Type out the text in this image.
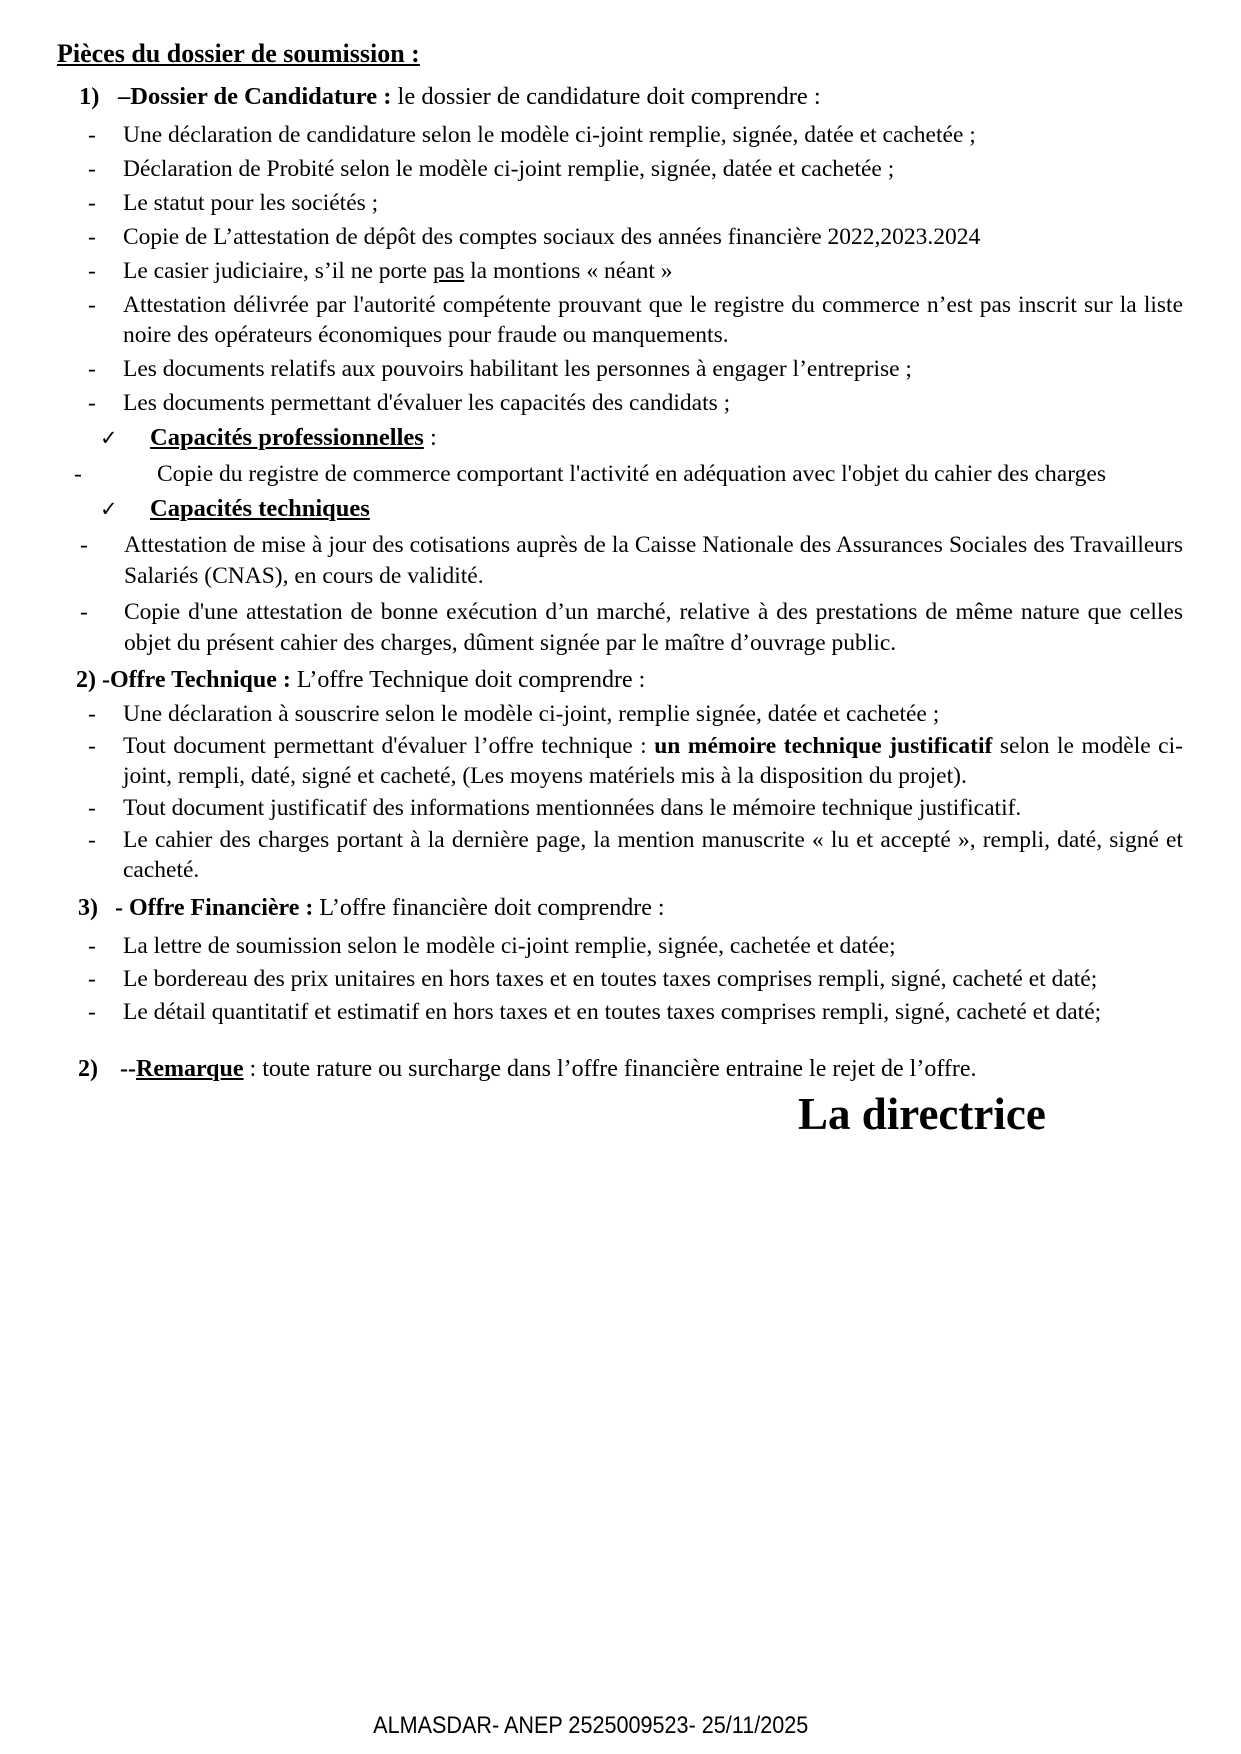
Pièces du dossier de soumission :
1) –Dossier de Candidature : le dossier de candidature doit comprendre :
-	Une déclaration de candidature selon le modèle ci-joint remplie, signée, datée et cachetée ;
-	Déclaration de Probité selon le modèle ci-joint remplie, signée, datée et cachetée ;
-	Le statut pour les sociétés ;
-	Copie de L’attestation de dépôt des comptes sociaux des années financière 2022,2023.2024
-	Le casier judiciaire, s’il ne porte pas la montions « néant »
-	Attestation délivrée par l'autorité compétente prouvant que le registre du commerce n’est pas inscrit sur la liste noire des opérateurs économiques pour fraude ou manquements.
-	Les documents relatifs aux pouvoirs habilitant les personnes à engager l’entreprise ;
-	Les documents permettant d'évaluer les capacités des candidats ;
✓	Capacités professionnelles :
-	Copie du registre de commerce comportant l'activité en adéquation avec l'objet du cahier des charges
✓	Capacités techniques
-	Attestation de mise à jour des cotisations auprès de la Caisse Nationale des Assurances Sociales des Travailleurs Salariés (CNAS), en cours de validité.
-	Copie d'une attestation de bonne exécution d’un marché, relative à des prestations de même nature que celles objet du présent cahier des charges, dûment signée par le maître d’ouvrage public.
2) -Offre Technique : L’offre Technique doit comprendre :
-	Une déclaration à souscrire selon le modèle ci-joint, remplie signée, datée et cachetée ;
-	Tout document permettant d'évaluer l’offre technique : un mémoire technique justificatif selon le modèle ci-joint, rempli, daté, signé et cacheté, (Les moyens matériels mis à la disposition du projet).
-	Tout document justificatif des informations mentionnées dans le mémoire technique justificatif.
-	Le cahier des charges portant à la dernière page, la mention manuscrite « lu et accepté », rempli, daté, signé et cacheté.
3) - Offre Financière : L’offre financière doit comprendre :
-	La lettre de soumission selon le modèle ci-joint remplie, signée, cachetée et datée;
-	Le bordereau des prix unitaires en hors taxes et en toutes taxes comprises rempli, signé, cacheté et daté;
-	Le détail quantitatif et estimatif en hors taxes et en toutes taxes comprises rempli, signé, cacheté et daté;
2) --Remarque : toute rature ou surcharge dans l’offre financière entraine le rejet de l’offre.
La directrice
ALMASDAR- ANEP 2525009523- 25/11/2025
